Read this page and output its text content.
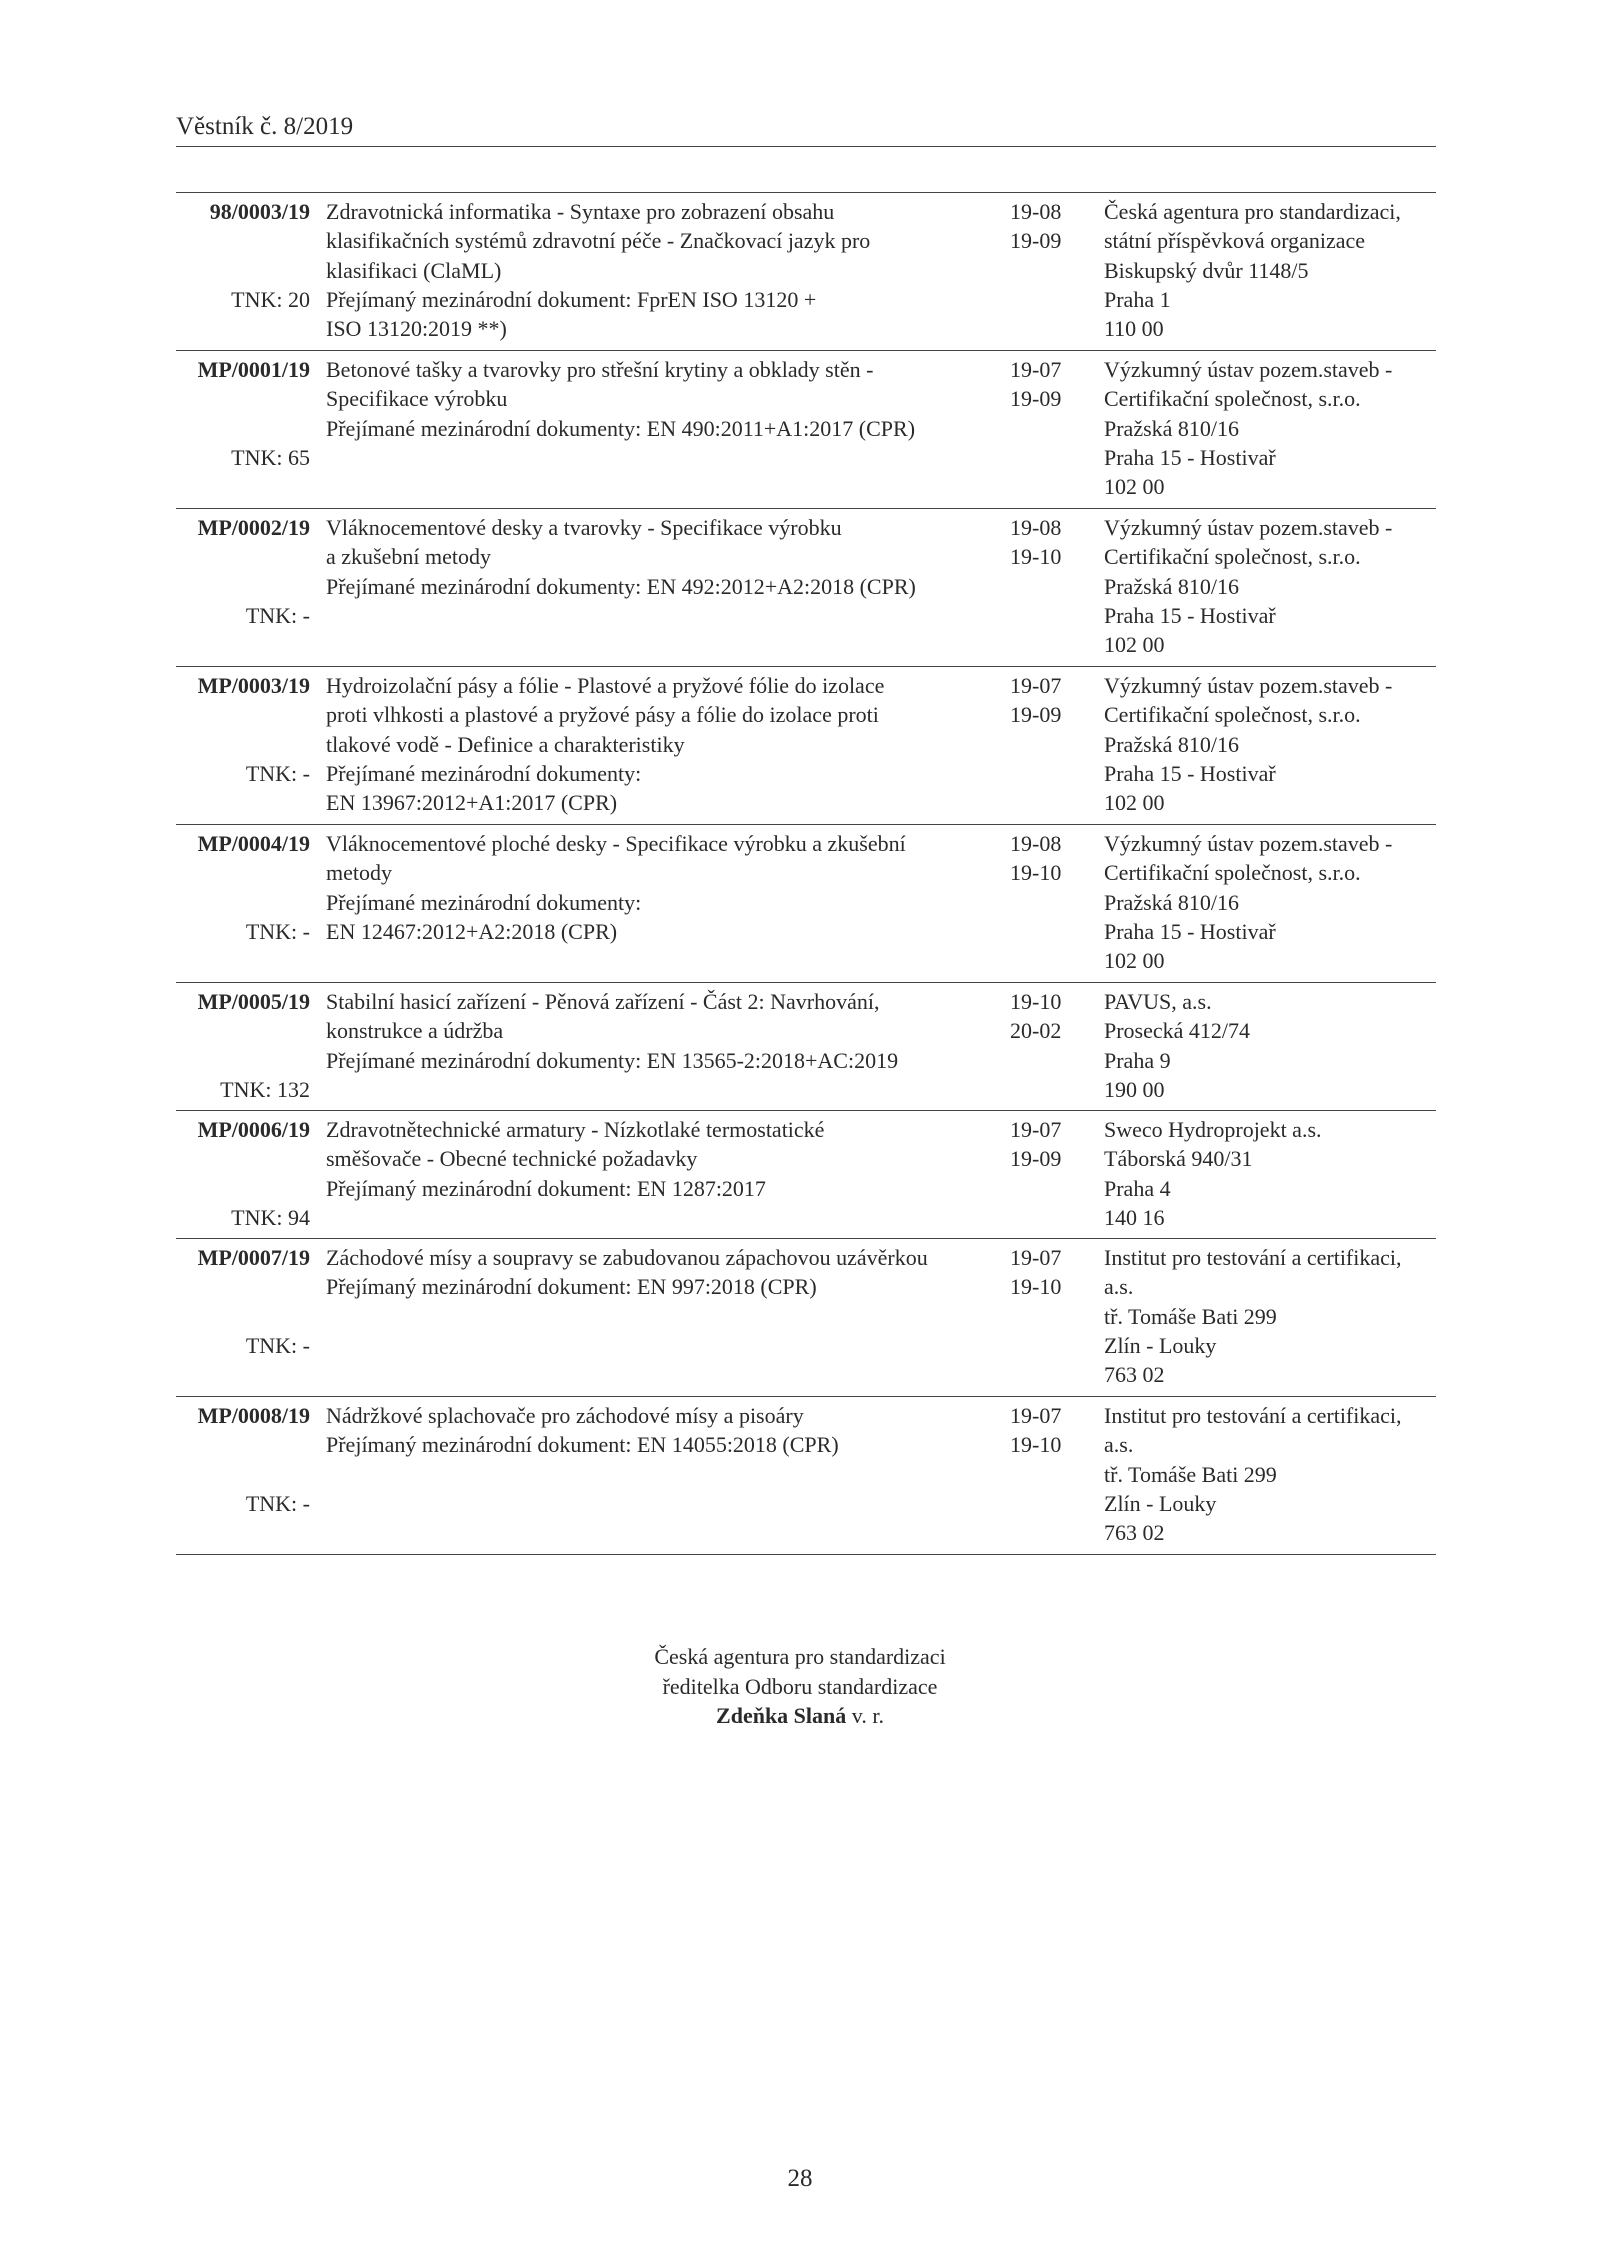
Věstník č. 8/2019
98/0003/19
TNK: 20
Zdravotnická informatika - Syntaxe pro zobrazení obsahu
klasifikačních systémů zdravotní péče - Značkovací jazyk pro
klasifikaci (ClaML)
Přejímaný mezinárodní dokument: FprEN ISO 13120 +
ISO 13120:2019 **)
19-08
19-09
Česká agentura pro standardizaci,
státní příspěvková organizace
Biskupský dvůr 1148/5
Praha 1
110 00
MP/0001/19
TNK: 65
Betonové tašky a tvarovky pro střešní krytiny a obklady stěn -
Specifikace výrobku
Přejímané mezinárodní dokumenty: EN 490:2011+A1:2017 (CPR)
19-07
19-09
Výzkumný ústav pozem.staveb -
Certifikační společnost, s.r.o.
Pražská 810/16
Praha 15 - Hostivař
102 00
MP/0002/19
TNK: -
Vláknocementové desky a tvarovky - Specifikace výrobku
a zkušební metody
Přejímané mezinárodní dokumenty: EN 492:2012+A2:2018 (CPR)
19-08
19-10
Výzkumný ústav pozem.staveb -
Certifikační společnost, s.r.o.
Pražská 810/16
Praha 15 - Hostivař
102 00
MP/0003/19
TNK: -
Hydroizolační pásy a fólie - Plastové a pryžové fólie do izolace
proti vlhkosti a plastové a pryžové pásy a fólie do izolace proti
tlakové vodě - Definice a charakteristiky
Přejímané mezinárodní dokumenty:
EN 13967:2012+A1:2017 (CPR)
19-07
19-09
Výzkumný ústav pozem.staveb -
Certifikační společnost, s.r.o.
Pražská 810/16
Praha 15 - Hostivař
102 00
MP/0004/19
TNK: -
Vláknocementové ploché desky - Specifikace výrobku a zkušební
metody
Přejímané mezinárodní dokumenty:
EN 12467:2012+A2:2018 (CPR)
19-08
19-10
Výzkumný ústav pozem.staveb -
Certifikační společnost, s.r.o.
Pražská 810/16
Praha 15 - Hostivař
102 00
MP/0005/19
TNK: 132
Stabilní hasicí zařízení - Pěnová zařízení - Část 2: Navrhování,
konstrukce a údržba
Přejímané mezinárodní dokumenty: EN 13565-2:2018+AC:2019
19-10
20-02
PAVUS, a.s.
Prosecká 412/74
Praha 9
190 00
MP/0006/19
TNK: 94
Zdravotnětechnické armatury - Nízkotlaké termostatické
směšovače - Obecné technické požadavky
Přejímaný mezinárodní dokument: EN 1287:2017
19-07
19-09
Sweco Hydroprojekt a.s.
Táborská 940/31
Praha 4
140 16
MP/0007/19
TNK: -
Záchodové mísy a soupravy se zabudovanou zápachovou uzávěrkou
Přejímaný mezinárodní dokument: EN 997:2018 (CPR)
19-07
19-10
Institut pro testování a certifikaci,
a.s.
tř. Tomáše Bati 299
Zlín - Louky
763 02
MP/0008/19
TNK: -
Nádržkové splachovače pro záchodové mísy a pisoáry
Přejímaný mezinárodní dokument: EN 14055:2018 (CPR)
19-07
19-10
Institut pro testování a certifikaci,
a.s.
tř. Tomáše Bati 299
Zlín - Louky
763 02
Česká agentura pro standardizaci
ředitelka Odboru standardizace
Zdeňka Slaná v. r.
28
